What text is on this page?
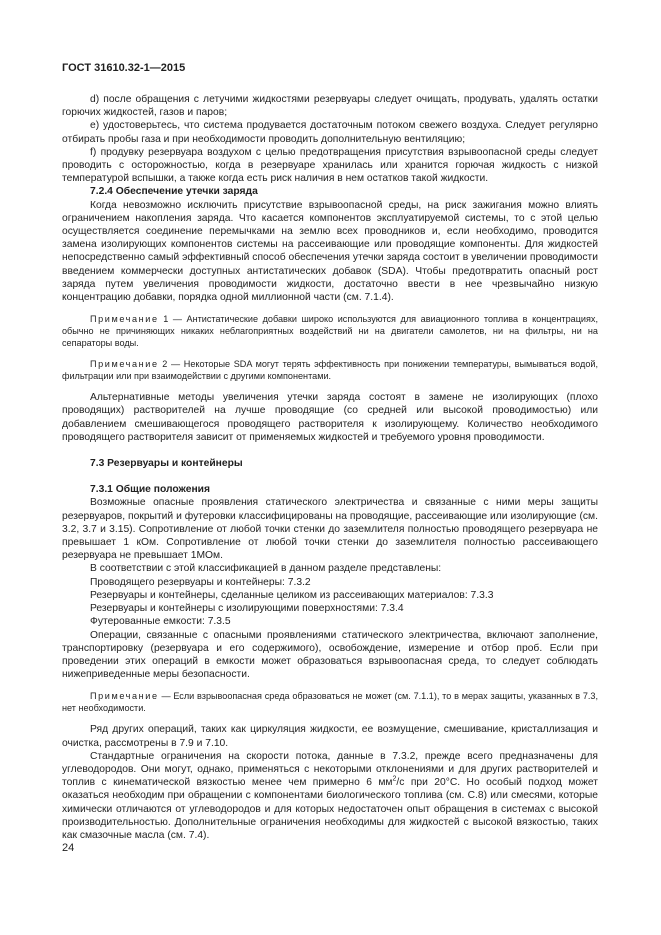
ГОСТ 31610.32-1—2015

d) после обращения с летучими жидкостями резервуары следует очищать, продувать, удалять остатки горючих жидкостей, газов и паров;

е) удостоверьтесь, что система продувается достаточным потоком свежего воздуха. Следует регулярно отбирать пробы газа и при необходимости проводить дополнительную вентиляцию;

f) продувку резервуара воздухом с целью предотвращения присутствия взрывоопасной среды следует проводить с осторожностью, когда в резервуаре хранилась или хранится горючая жидкость с низкой температурой вспышки, а также когда есть риск наличия в нем остатков такой жидкости.

7.2.4 Обеспечение утечки заряда

Когда невозможно исключить присутствие взрывоопасной среды, на риск зажигания можно влиять ограничением накопления заряда. Что касается компонентов эксплуатируемой системы, то с этой целью осуществляется соединение перемычками на землю всех проводников и, если необходимо, проводится замена изолирующих компонентов системы на рассеивающие или проводящие компоненты. Для жидкостей непосредственно самый эффективный способ обеспечения утечки заряда состоит в увеличении проводимости введением коммерчески доступных антистатических добавок (SDA). Чтобы предотвратить опасный рост заряда путем увеличения проводимости жидкости, достаточно ввести в нее чрезвычайно низкую концентрацию добавки, порядка одной миллионной части (см. 7.1.4).

Примечание 1 — Антистатические добавки широко используются для авиационного топлива в концентрациях, обычно не причиняющих никаких неблагоприятных воздействий ни на двигатели самолетов, ни на фильтры, ни на сепараторы воды.

Примечание 2 — Некоторые SDA могут терять эффективность при понижении температуры, вымываться водой, фильтрации или при взаимодействии с другими компонентами.

Альтернативные методы увеличения утечки заряда состоят в замене не изолирующих (плохо проводящих) растворителей на лучше проводящие (со средней или высокой проводимостью) или добавлением смешивающегося проводящего растворителя к изолирующему. Количество необходимого проводящего растворителя зависит от применяемых жидкостей и требуемого уровня проводимости.

7.3 Резервуары и контейнеры
7.3.1 Общие положения

Возможные опасные проявления статического электричества и связанные с ними меры защиты резервуаров, покрытий и футеровки классифицированы на проводящие, рассеивающие или изолирующие (см. 3.2, 3.7 и 3.15). Сопротивление от любой точки стенки до заземлителя полностью проводящего резервуара не превышает 1 кОм. Сопротивление от любой точки стенки до заземлителя полностью рассеивающего резервуара не превышает 1МОм.

В соответствии с этой классификацией в данном разделе представлены:

Проводящего резервуары и контейнеры: 7.3.2

Резервуары и контейнеры, сделанные целиком из рассеивающих материалов: 7.3.3

Резервуары и контейнеры с изолирующими поверхностями: 7.3.4

Футерованные емкости: 7.3.5

Операции, связанные с опасными проявлениями статического электричества, включают заполнение, транспортировку (резервуара и его содержимого), освобождение, измерение и отбор проб. Если при проведении этих операций в емкости может образоваться взрывоопасная среда, то следует соблюдать нижеприведенные меры безопасности.

Примечание — Если взрывоопасная среда образоваться не может (см. 7.1.1), то в мерах защиты, указанных в 7.3, нет необходимости.

Ряд других операций, таких как циркуляция жидкости, ее возмущение, смешивание, кристаллизация и очистка, рассмотрены в 7.9 и 7.10.

Стандартные ограничения на скорости потока, данные в 7.3.2, прежде всего предназначены для углеводородов. Они могут, однако, применяться с некоторыми отклонениями и для других растворителей и топлив с кинематической вязкостью менее чем примерно 6 $мм^2/с$ при 20°С. Но особый подход может оказаться необходим при обращении с компонентами биологического топлива (см. С.8) или смесями, которые химически отличаются от углеводородов и для которых недостаточен опыт обращения в системах с высокой производительностью. Дополнительные ограничения необходимы для жидкостей с высокой вязкостью, таких как смазочные масла (см. 7.4).

24
